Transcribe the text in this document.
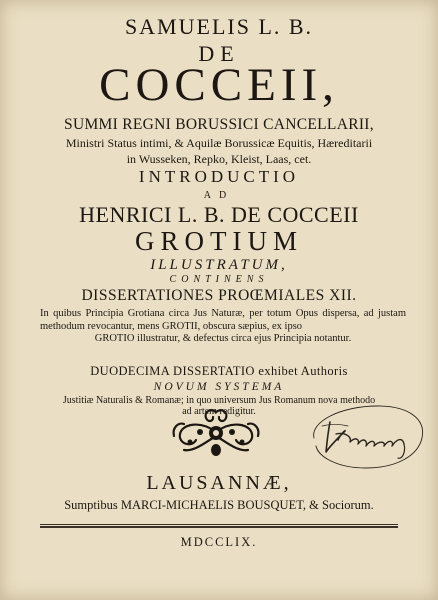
SAMUELIS L. B.
DE
COCCEII,
SUMMI REGNI BORUSSICI CANCELLARII,
Ministri Status intimi, & Aquilæ Borussicæ Equitis, Hæreditarii
in Wusseken, Repko, Kleist, Laas, cet.
INTRODUCTIO
AD
HENRICI L. B. DE COCCEII
GROTIUM
ILLUSTRATUM,
CONTINENS
DISSERTATIONES PROŒMIALES XII.
In quibus Principia Grotiana circa Jus Naturæ, per totum Opus dispersa, ad justam methodum revocantur, mens GROTII, obscura sæpius, ex ipso
GROTIO illustratur, & defectus circa ejus Principia notantur.
DUODECIMA DISSERTATIO exhibet Authoris
NOVUM SYSTEMA
Justitiæ Naturalis & Romanæ; in quo universum Jus Romanum nova methodo
ad artem redigitur.
LAUSANNÆ,
Sumptibus MARCI-MICHAELIS BOUSQUET, & Sociorum.
MDCCLIX.
